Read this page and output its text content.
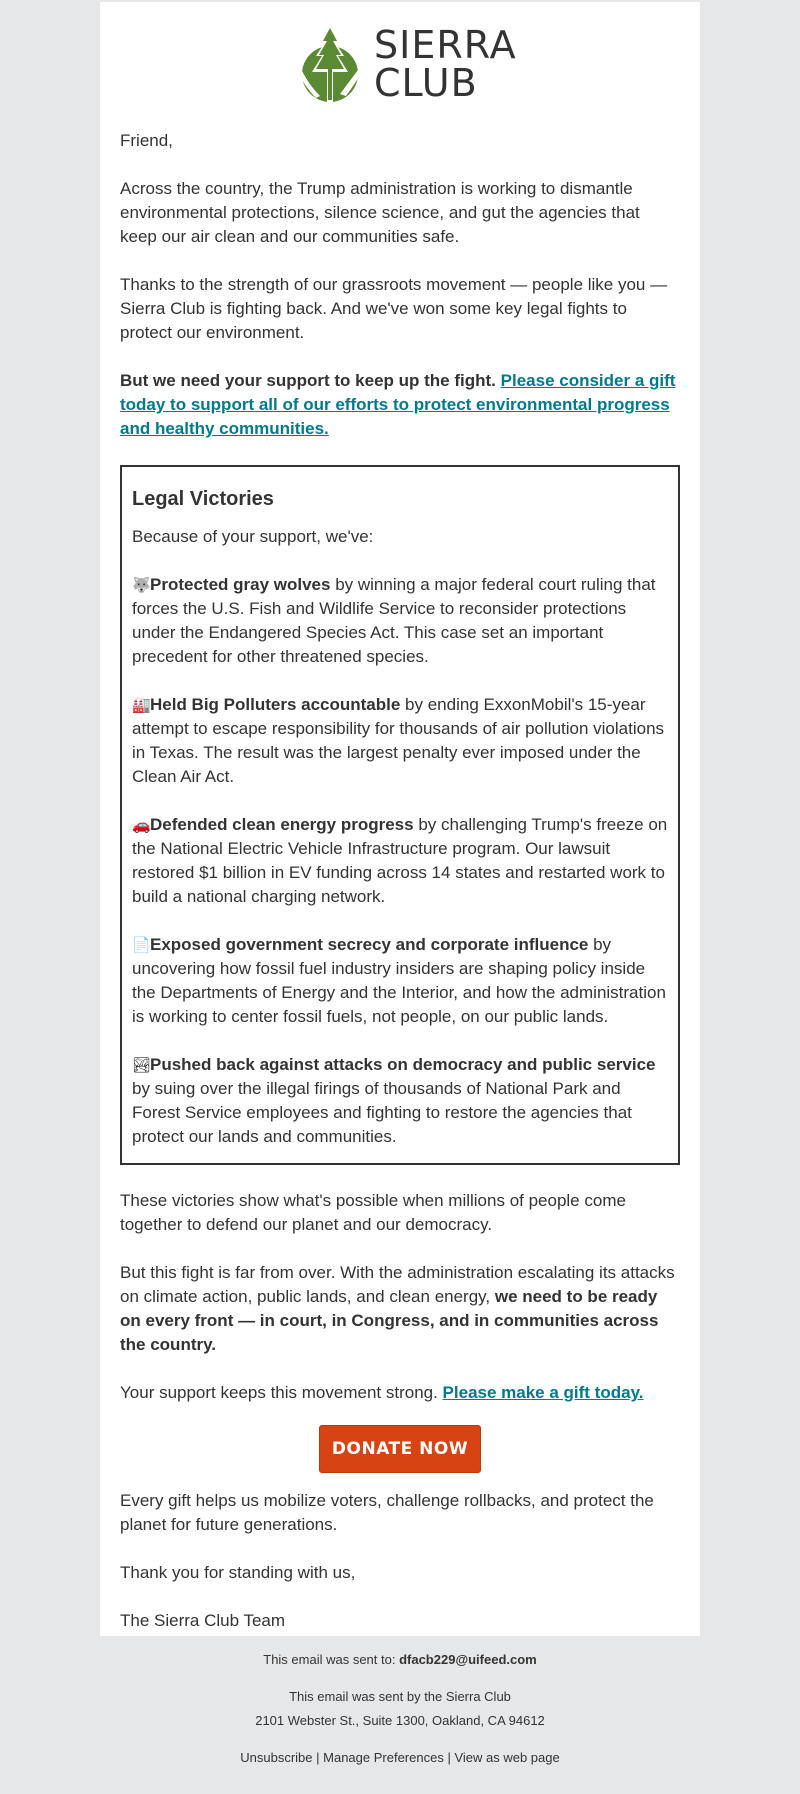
SIERRA
CLUB

Friend,

Across the country, the Trump administration is working to dismantle environmental protections, silence science, and gut the agencies that keep our air clean and our communities safe.

Thanks to the strength of our grassroots movement — people like you — Sierra Club is fighting back. And we've won some key legal fights to protect our environment.

But we need your support to keep up the fight. Please consider a gift today to support all of our efforts to protect environmental progress and healthy communities.

Legal Victories

Because of your support, we've:

🐺Protected gray wolves by winning a major federal court ruling that forces the U.S. Fish and Wildlife Service to reconsider protections under the Endangered Species Act. This case set an important precedent for other threatened species.

🏭Held Big Polluters accountable by ending ExxonMobil's 15-year attempt to escape responsibility for thousands of air pollution violations in Texas. The result was the largest penalty ever imposed under the Clean Air Act.

🚗Defended clean energy progress by challenging Trump's freeze on the National Electric Vehicle Infrastructure program. Our lawsuit restored $1 billion in EV funding across 14 states and restarted work to build a national charging network.

📄Exposed government secrecy and corporate influence by uncovering how fossil fuel industry insiders are shaping policy inside the Departments of Energy and the Interior, and how the administration is working to center fossil fuels, not people, on our public lands.

🏞Pushed back against attacks on democracy and public service by suing over the illegal firings of thousands of National Park and Forest Service employees and fighting to restore the agencies that protect our lands and communities.

These victories show what's possible when millions of people come together to defend our planet and our democracy.

But this fight is far from over. With the administration escalating its attacks on climate action, public lands, and clean energy, we need to be ready on every front — in court, in Congress, and in communities across the country.

Your support keeps this movement strong. Please make a gift today.

DONATE NOW

Every gift helps us mobilize voters, challenge rollbacks, and protect the planet for future generations.

Thank you for standing with us,

The Sierra Club Team

This email was sent to: dfacb229@uifeed.com

This email was sent by the Sierra Club

2101 Webster St., Suite 1300, Oakland, CA 94612

Unsubscribe | Manage Preferences | View as web page
